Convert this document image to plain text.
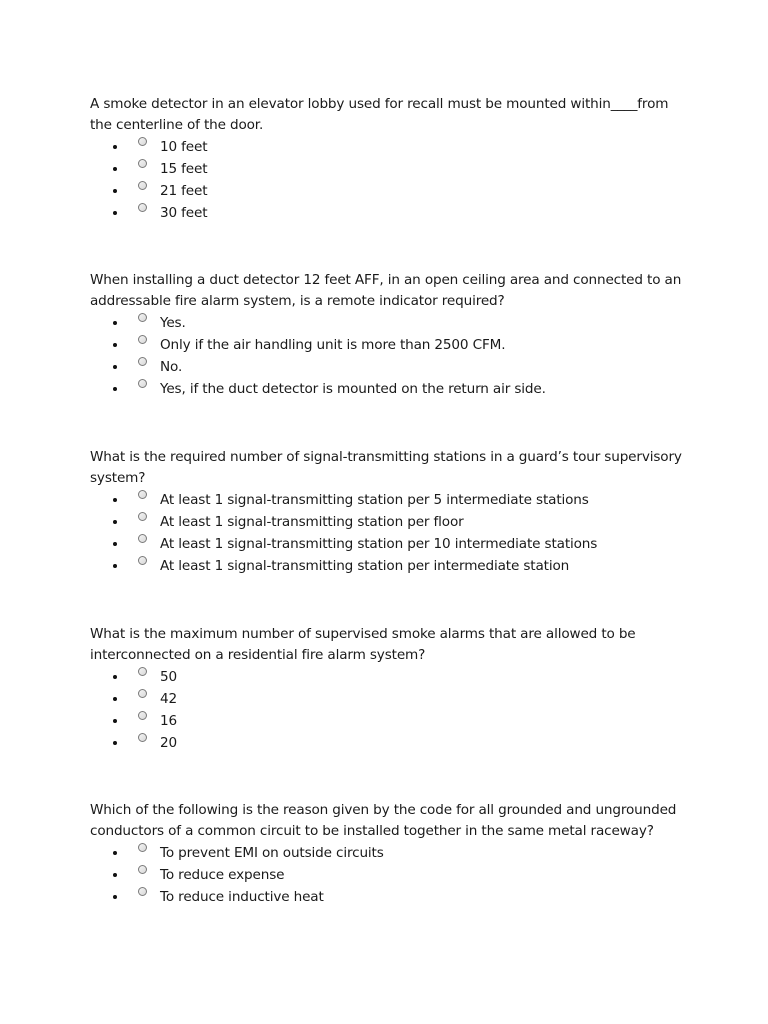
A smoke detector in an elevator lobby used for recall must be mounted within____from the centerline of the door.

10 feet
15 feet
21 feet
30 feet

When installing a duct detector 12 feet AFF, in an open ceiling area and connected to an addressable fire alarm system, is a remote indicator required?

Yes.
Only if the air handling unit is more than 2500 CFM.
No.
Yes, if the duct detector is mounted on the return air side.

What is the required number of signal-transmitting stations in a guard’s tour supervisory system?

At least 1 signal-transmitting station per 5 intermediate stations
At least 1 signal-transmitting station per floor
At least 1 signal-transmitting station per 10 intermediate stations
At least 1 signal-transmitting station per intermediate station

What is the maximum number of supervised smoke alarms that are allowed to be interconnected on a residential fire alarm system?

50
42
16
20

Which of the following is the reason given by the code for all grounded and ungrounded conductors of a common circuit to be installed together in the same metal raceway?

To prevent EMI on outside circuits
To reduce expense
To reduce inductive heat
